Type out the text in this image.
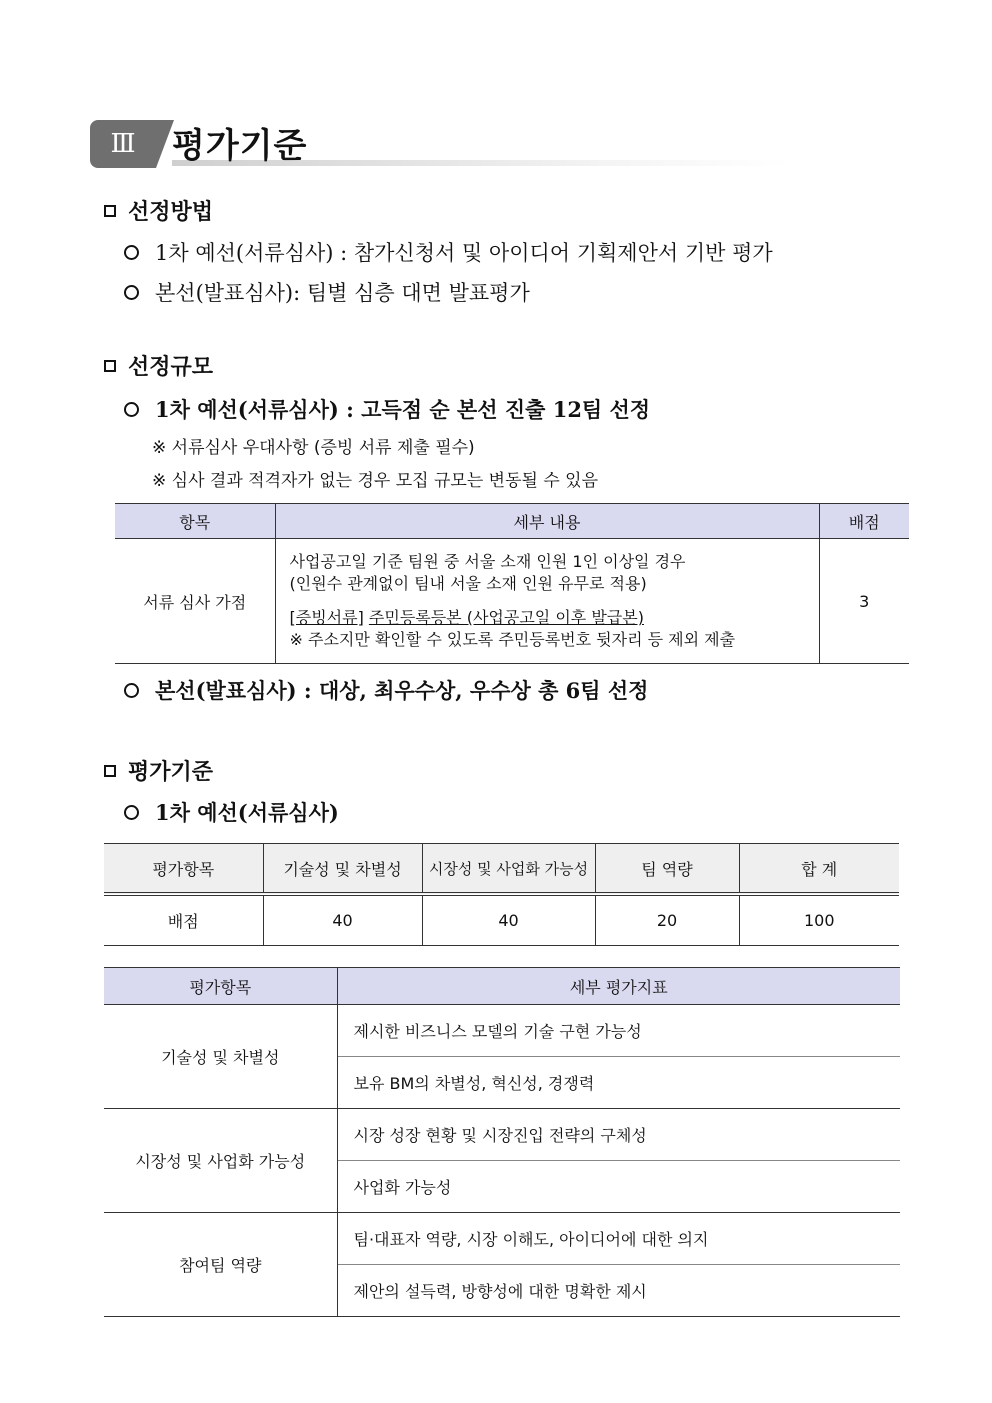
Ⅲ	평가기준
선정방법
1차 예선(서류심사) : 참가신청서 및 아이디어 기획제안서 기반 평가
본선(발표심사): 팀별 심층 대면 발표평가
선정규모
1차 예선(서류심사) : 고득점 순 본선 진출 12팀 선정
※ 서류심사 우대사항 (증빙 서류 제출 필수)
※ 심사 결과 적격자가 없는 경우 모집 규모는 변동될 수 있음
항목	세부 내용	배점
서류 심사 가점	사업공고일 기준 팀원 중 서울 소재 인원 1인 이상일 경우
(인원수 관계없이 팀내 서울 소재 인원 유무로 적용)
[증빙서류] 주민등록등본 (사업공고일 이후 발급본)
※ 주소지만 확인할 수 있도록 주민등록번호 뒷자리 등 제외 제출	3
본선(발표심사) : 대상, 최우수상, 우수상 총 6팀 선정
평가기준
1차 예선(서류심사)
평가항목	기술성 및 차별성	시장성 및 사업화 가능성	팀 역량	합 계
배점	40	40	20	100
평가항목	세부 평가지표
기술성 및 차별성	제시한 비즈니스 모델의 기술 구현 가능성
	보유 BM의 차별성, 혁신성, 경쟁력
시장성 및 사업화 가능성	시장 성장 현황 및 시장진입 전략의 구체성
	사업화 가능성
참여팀 역량	팀·대표자 역량, 시장 이해도, 아이디어에 대한 의지
	제안의 설득력, 방향성에 대한 명확한 제시
